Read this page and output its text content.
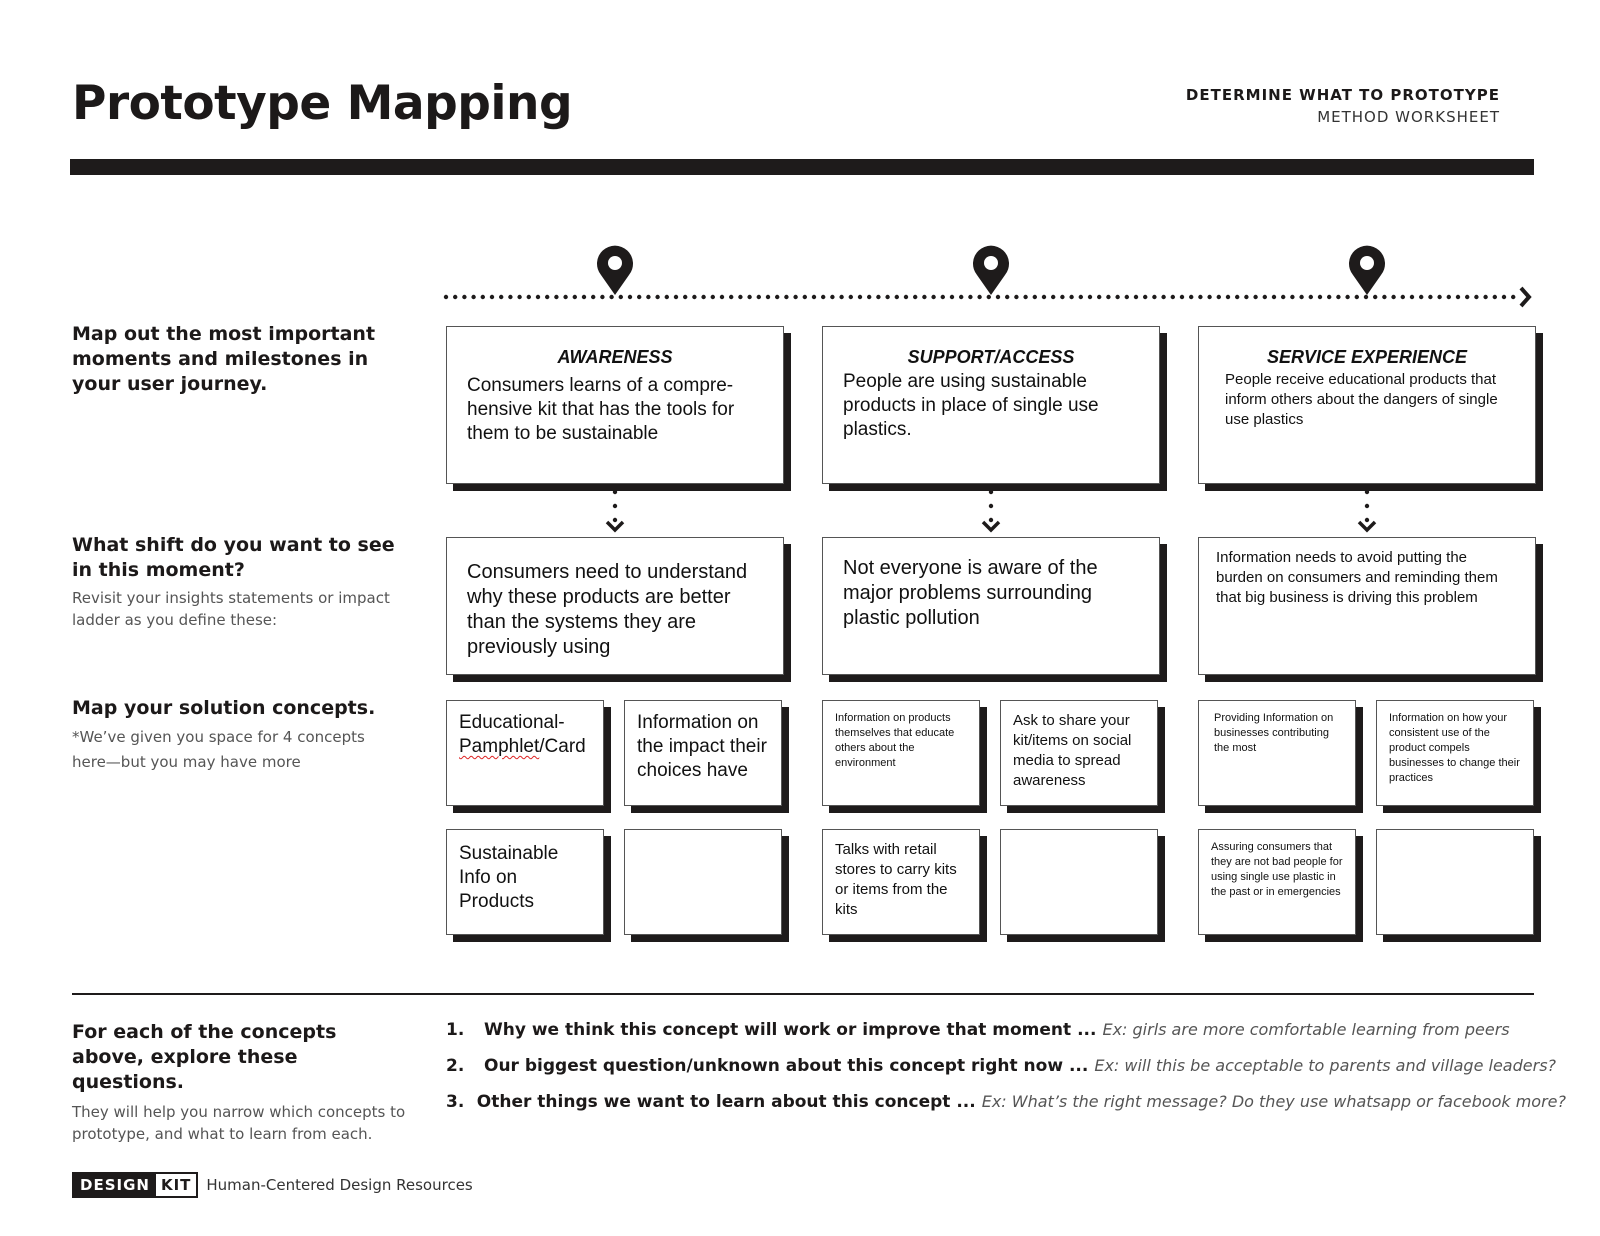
Prototype Mapping	DETERMINE WHAT TO PROTOTYPE
METHOD WORKSHEET
Map out the most important moments and milestones in your user journey.
What shift do you want to see in this moment?
Revisit your insights statements or impact ladder as you define these:
Map your solution concepts.
*We’ve given you space for 4 concepts here—but you may have more
AWARENESS
Consumers learns of a compre-hensive kit that has the tools for them to be sustainable
Consumers need to understand why these products are better than the systems they are previously using
Educational-Pamphlet/Card
Information on the impact their choices have
Sustainable Info on Products
SUPPORT/ACCESS
People are using sustainable products in place of single use plastics.
Not everyone is aware of the major problems surrounding plastic pollution
Information on products themselves that educate others about the environment
Ask to share your kit/items on social media to spread awareness
Talks with retail stores to carry kits or items from the kits
SERVICE EXPERIENCE
People receive educational products that inform others about the dangers of single use plastics
Information needs to avoid putting the burden on consumers and reminding them that big business is driving this problem
Providing Information on businesses contributing the most
Information on how your consistent use of the product compels businesses to change their practices
Assuring consumers that they are not bad people for using single use plastic in the past or in emergencies
For each of the concepts above, explore these questions.
They will help you narrow which concepts to prototype, and what to learn from each.
1.	Why we think this concept will work or improve that moment ... Ex: girls are more comfortable learning from peers
2.	Our biggest question/unknown about this concept right now ... Ex: will this be acceptable to parents and village leaders?
3. Other things we want to learn about this concept ... Ex: What’s the right message? Do they use whatsapp or facebook more?
DESIGN KIT	Human-Centered Design Resources
